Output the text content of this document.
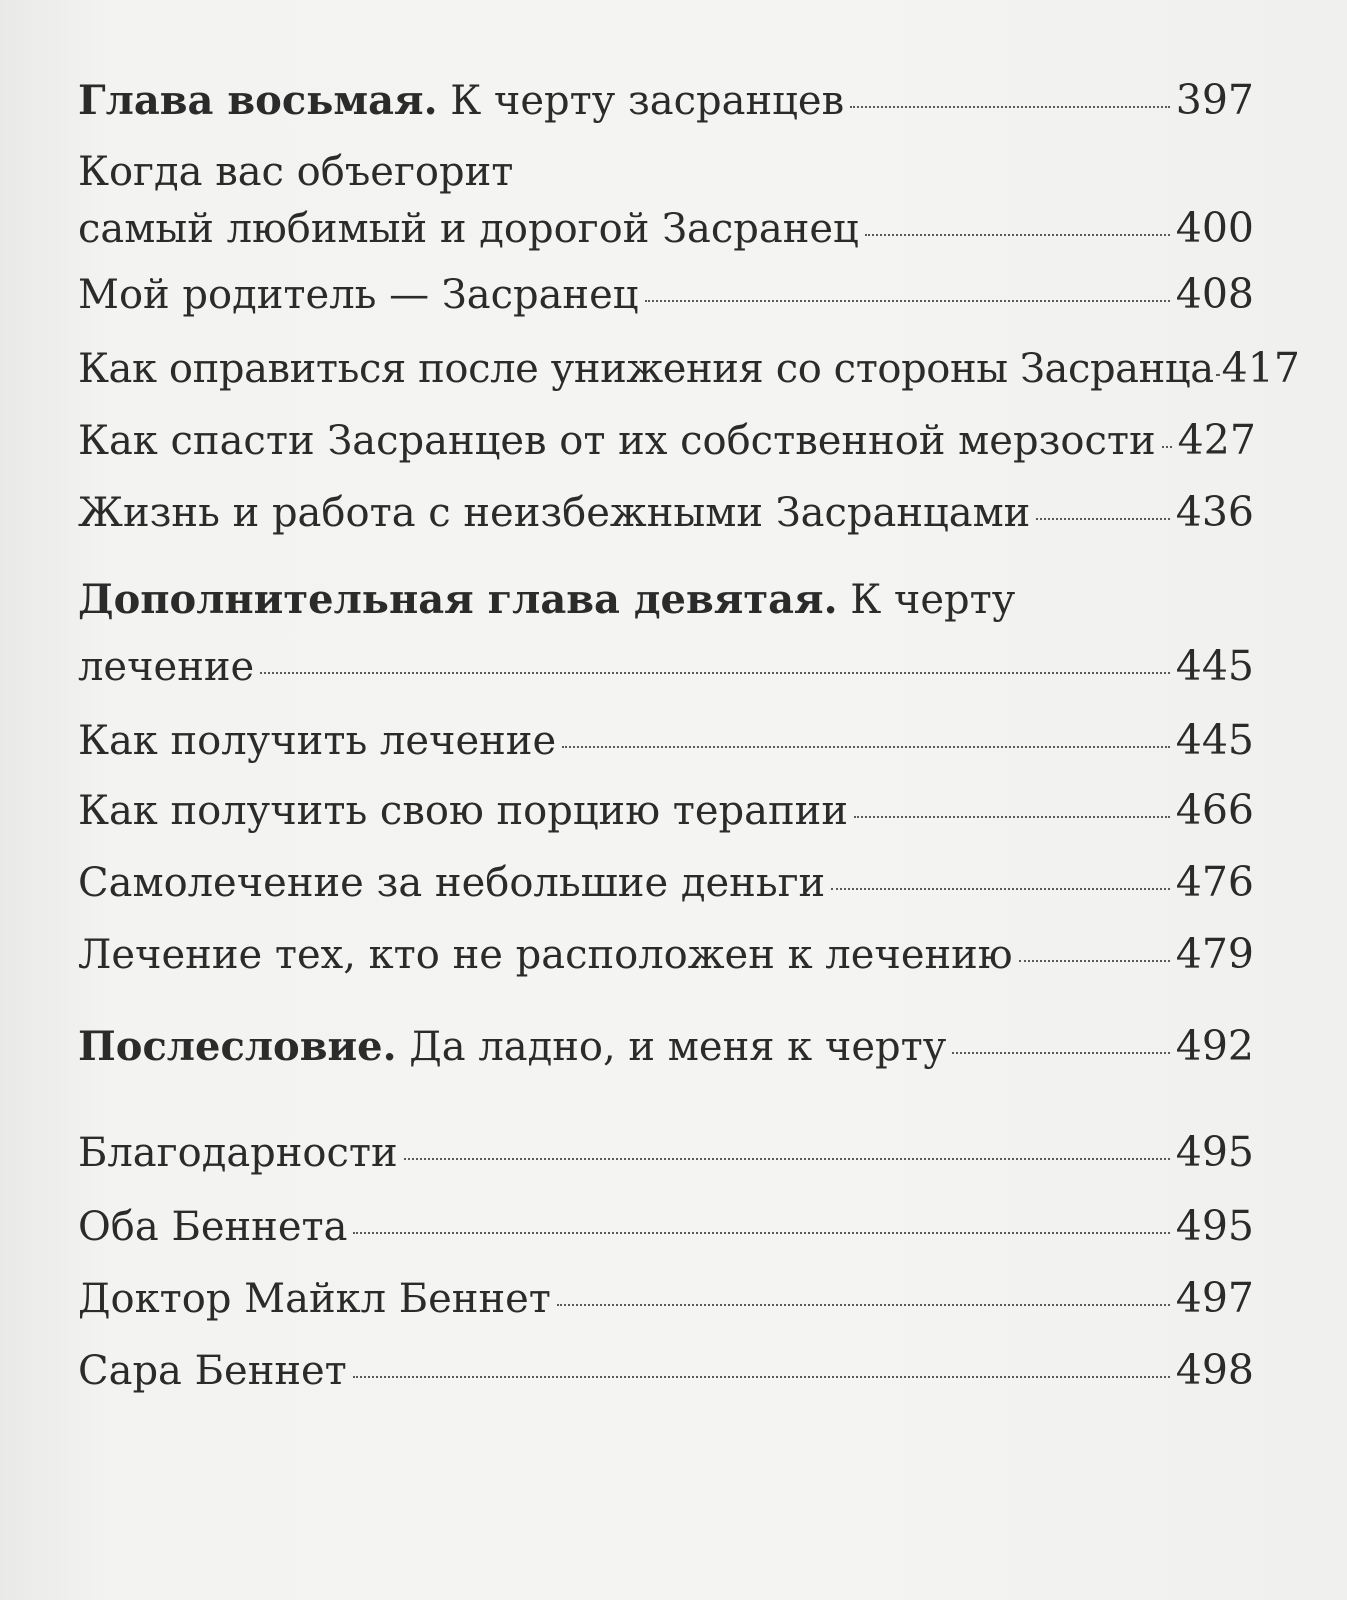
Глава восьмая. К черту засранцев	397
Когда вас объегорит
самый любимый и дорогой Засранец	400
Мой родитель — Засранец	408
Как оправиться после унижения со стороны Засранца 417
Как спасти Засранцев от их собственной мерзости 427
Жизнь и работа с неизбежными Засранцами	436
Дополнительная глава девятая. К черту
лечение	445
Как получить лечение	445
Как получить свою порцию терапии	466
Самолечение за небольшие деньги	476
Лечение тех, кто не расположен к лечению	479
Послесловие. Да ладно, и меня к черту	492
Благодарности	495
Оба Беннета	495
Доктор Майкл Беннет	497
Сара Беннет	498
